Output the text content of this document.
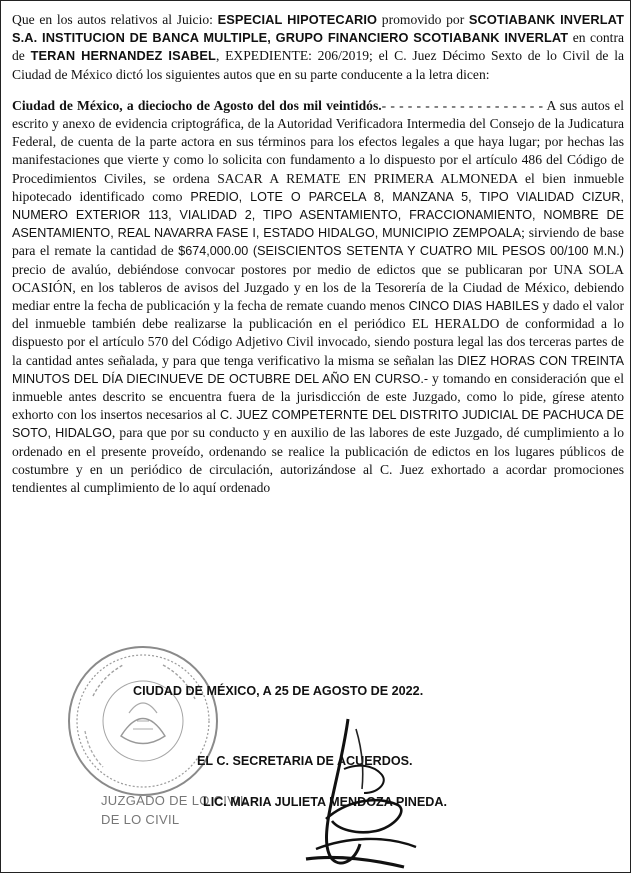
Que en los autos relativos al Juicio: ESPECIAL HIPOTECARIO promovido por SCOTIABANK INVERLAT S.A. INSTITUCION DE BANCA MULTIPLE, GRUPO FINANCIERO SCOTIABANK INVERLAT en contra de TERAN HERNANDEZ ISABEL, EXPEDIENTE: 206/2019; el C. Juez Décimo Sexto de lo Civil de la Ciudad de México dictó los siguientes autos que en su parte conducente a la letra dicen:

Ciudad de México, a dieciocho de Agosto del dos mil veintidós.- - - - - - - - - - - - - - - - - - - A sus autos el escrito y anexo de evidencia criptográfica, de la Autoridad Verificadora Intermedia del Consejo de la Judicatura Federal, de cuenta de la parte actora en sus términos para los efectos legales a que haya lugar; por hechas las manifestaciones que vierte y como lo solicita con fundamento a lo dispuesto por el artículo 486 del Código de Procedimientos Civiles, se ordena SACAR A REMATE EN PRIMERA ALMONEDA el bien inmueble hipotecado identificado como PREDIO, LOTE O PARCELA 8, MANZANA 5, TIPO VIALIDAD CIZUR, NUMERO EXTERIOR 113, VIALIDAD 2, TIPO ASENTAMIENTO, FRACCIONAMIENTO, NOMBRE DE ASENTAMIENTO, REAL NAVARRA FASE I, ESTADO HIDALGO, MUNICIPIO ZEMPOALA; sirviendo de base para el remate la cantidad de $674,000.00 (SEISCIENTOS SETENTA Y CUATRO MIL PESOS 00/100 M.N.) precio de avalúo, debiéndose convocar postores por medio de edictos que se publicaran por UNA SOLA OCASIÓN, en los tableros de avisos del Juzgado y en los de la Tesorería de la Ciudad de México, debiendo mediar entre la fecha de publicación y la fecha de remate cuando menos CINCO DIAS HABILES y dado el valor del inmueble también debe realizarse la publicación en el periódico EL HERALDO de conformidad a lo dispuesto por el artículo 570 del Código Adjetivo Civil invocado, siendo postura legal las dos terceras partes de la cantidad antes señalada, y para que tenga verificativo la misma se señalan las DIEZ HORAS CON TREINTA MINUTOS DEL DÍA DIECINUEVE DE OCTUBRE DEL AÑO EN CURSO.- y tomando en consideración que el inmueble antes descrito se encuentra fuera de la jurisdicción de este Juzgado, como lo pide, gírese atento exhorto con los insertos necesarios al C. JUEZ COMPETERNTE DEL DISTRITO JUDICIAL DE PACHUCA DE SOTO, HIDALGO, para que por su conducto y en auxilio de las labores de este Juzgado, dé cumplimiento a lo ordenado en el presente proveído, ordenando se realice la publicación de edictos en los lugares públicos de costumbre y en un periódico de circulación, autorizándose al C. Juez exhortado a acordar promociones tendientes al cumplimiento de lo aquí ordenado

JUZGADO DE LO CIVIL
DE LO CIVIL
CIUDAD DE MÉXICO, A 25 DE AGOSTO DE 2022.
EL C. SECRETARIA DE ACUERDOS.
LIC. MARIA JULIETA MENDOZA PINEDA.
